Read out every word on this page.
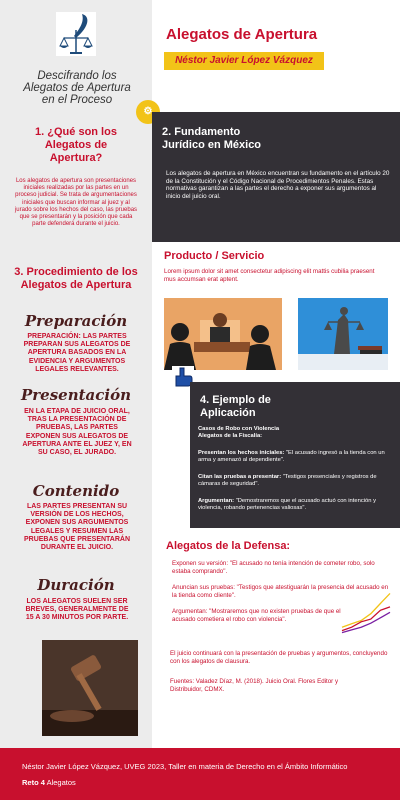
Descifrando los Alegatos de Apertura en el Proceso
1. ¿Qué son los Alegatos de Apertura?
Los alegatos de apertura son presentaciones iniciales realizadas por las partes en un proceso judicial. Se trata de argumentaciones iniciales que buscan informar al juez y al jurado sobre los hechos del caso, las pruebas que se presentarán y la posición que cada parte defenderá durante el juicio.
3. Procedimiento de los Alegatos de Apertura
Preparación
PREPARACIÓN: LAS PARTES PREPARAN SUS ALEGATOS DE APERTURA BASADOS EN LA EVIDENCIA Y ARGUMENTOS LEGALES RELEVANTES.
Presentación
EN LA ETAPA DE JUICIO ORAL, TRAS LA PRESENTACIÓN DE PRUEBAS, LAS PARTES EXPONEN SUS ALEGATOS DE APERTURA ANTE EL JUEZ Y, EN SU CASO, EL JURADO.
Contenido
LAS PARTES PRESENTAN SU VERSIÓN DE LOS HECHOS, EXPONEN SUS ARGUMENTOS LEGALES Y RESUMEN LAS PRUEBAS QUE PRESENTARÁN DURANTE EL JUICIO.
Duración
LOS ALEGATOS SUELEN SER BREVES, GENERALMENTE DE 15 A 30 MINUTOS POR PARTE.
Alegatos de Apertura
Néstor Javier López Vázquez
⚙
2. Fundamento Jurídico en México
Los alegatos de apertura en México encuentran su fundamento en el artículo 20 de la Constitución y el Código Nacional de Procedimientos Penales. Estas normativas garantizan a las partes el derecho a exponer sus argumentos al inicio del juicio oral.
Producto / Servicio
Lorem ipsum dolor sit amet consectetur adipiscing elit mattis cubilia praesent mus accumsan erat aptent.
4. Ejemplo de Aplicación
Casos de Robo con Violencia
Alegatos de la Fiscalía:
Presentan los hechos iniciales: "El acusado ingresó a la tienda con un arma y amenazó al dependiente".
Citan las pruebas a presentar: "Testigos presenciales y registros de cámaras de seguridad".
Argumentan: "Demostraremos que el acusado actuó con intención y violencia, robando pertenencias valiosas".
Alegatos de la Defensa:
Exponen su versión: "El acusado no tenía intención de cometer robo, solo estaba comprando".
Anuncian sus pruebas: "Testigos que atestiguarán la presencia del acusado en la tienda como cliente".
Argumentan: "Mostraremos que no existen pruebas de que el acusado cometiera el robo con violencia".
El juicio continuará con la presentación de pruebas y argumentos, concluyendo con los alegatos de clausura.
Fuentes: Valadez Díaz, M. (2018). Juicio Oral. Flores Editor y Distribuidor, CDMX.
Néstor Javier López Vázquez, UVEG 2023, Taller en materia de Derecho en el Ámbito Informático
Reto 4 Alegatos
